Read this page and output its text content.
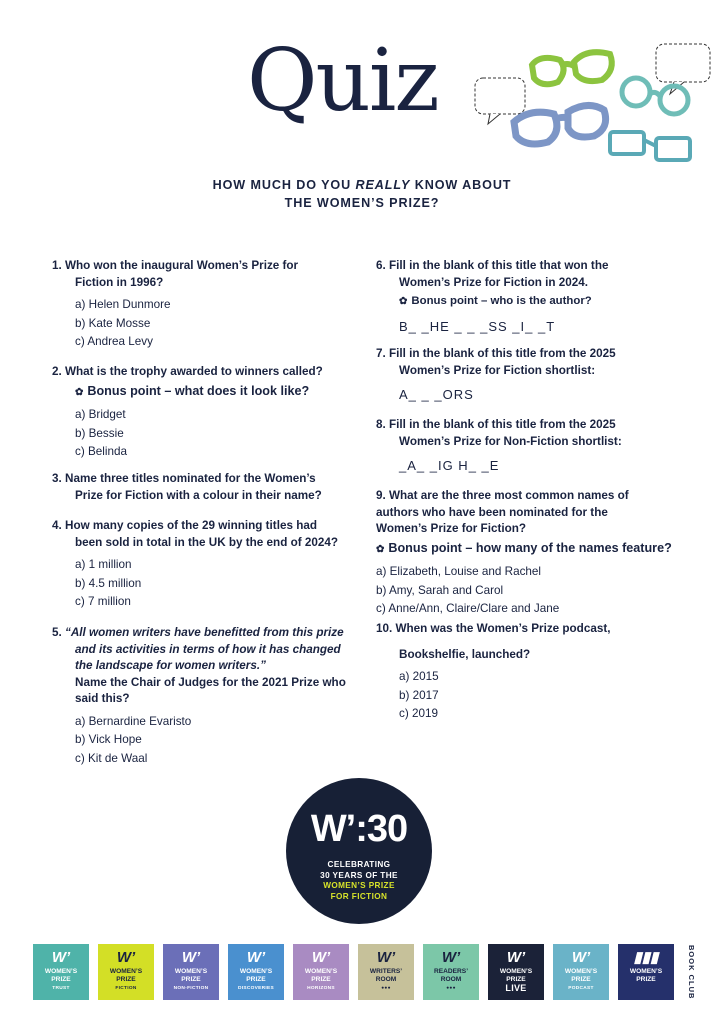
Quiz
HOW MUCH DO YOU REALLY KNOW ABOUT
THE WOMEN’S PRIZE?
1. Who won the inaugural Women’s Prize for
Fiction in 1996?
a) Helen Dunmore
b) Kate Mosse
c) Andrea Levy
2. What is the trophy awarded to winners called?
✿ Bonus point – what does it look like?
a) Bridget
b) Bessie
c) Belinda
3. Name three titles nominated for the Women’s
Prize for Fiction with a colour in their name?
4. How many copies of the 29 winning titles had
been sold in total in the UK by the end of 2024?
a) 1 million
b) 4.5 million
c) 7 million
5. “All women writers have benefitted from this prize
and its activities in terms of how it has changed
the landscape for women writers.”
Name the Chair of Judges for the 2021 Prize who
said this?
a) Bernardine Evaristo
b) Vick Hope
c) Kit de Waal
6. Fill in the blank of this title that won the
Women’s Prize for Fiction in 2024.
✿ Bonus point – who is the author?
B_ _HE _ _ _SS _I_ _T
7. Fill in the blank of this title from the 2025
Women’s Prize for Fiction shortlist:
A_ _ _ORS
8. Fill in the blank of this title from the 2025
Women’s Prize for Non-Fiction shortlist:
_A_ _IG H_ _E
9. What are the three most common names of
authors who have been nominated for the
Women’s Prize for Fiction?
✿ Bonus point – how many of the names feature?
a) Elizabeth, Louise and Rachel
b) Amy, Sarah and Carol
c) Anne/Ann, Claire/Clare and Jane
10. When was the Women’s Prize podcast,
Bookshelfie, launched?
a) 2015
b) 2017
c) 2019
W’:30
CELEBRATING
30 YEARS OF THE
WOMEN’S PRIZE
FOR FICTION
W’
WOMEN’S
PRIZE
TRUST
W’
WOMEN’S
PRIZE
FICTION
W’
WOMEN’S
PRIZE
NON-FICTION
W’
WOMEN’S
PRIZE
DISCOVERIES
W’
WOMEN’S
PRIZE
HORIZONS
W’
WRITERS’
ROOM
●●●
W’
READERS’
ROOM
●●●
W’
WOMEN’S
PRIZE
LIVE
W’
WOMEN’S
PRIZE
PODCAST
▮▮▮
WOMEN’S
PRIZE	BOOK CLUB
